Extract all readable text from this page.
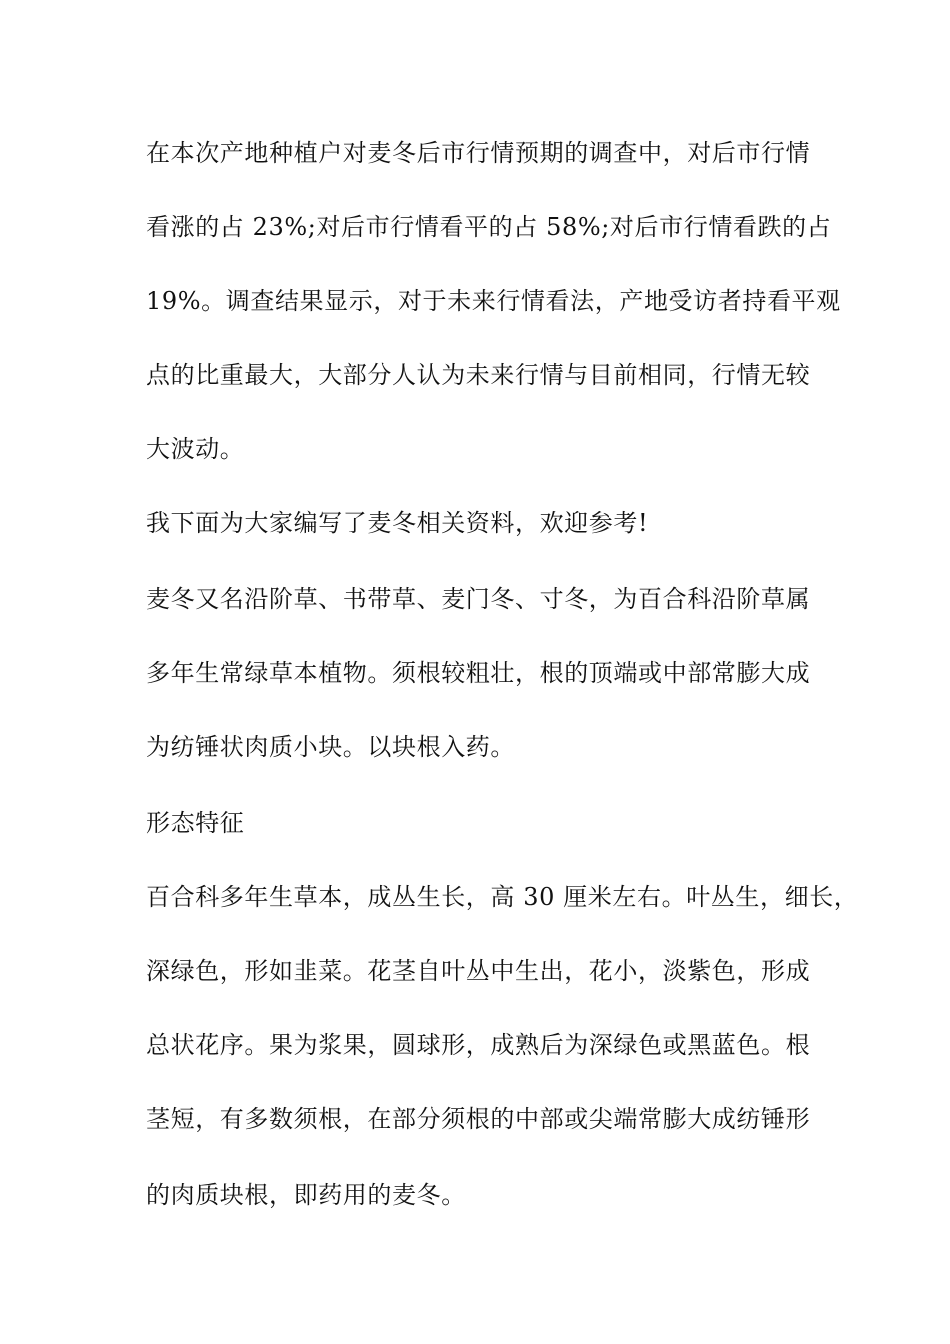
在本次产地种植户对麦冬后市行情预期的调查中，对后市行情
看涨的占 23%;对后市行情看平的占 58%;对后市行情看跌的占
19%。调查结果显示，对于未来行情看法，产地受访者持看平观
点的比重最大，大部分人认为未来行情与目前相同，行情无较
大波动。
我下面为大家编写了麦冬相关资料，欢迎参考!
麦冬又名沿阶草、书带草、麦门冬、寸冬，为百合科沿阶草属
多年生常绿草本植物。须根较粗壮，根的顶端或中部常膨大成
为纺锤状肉质小块。以块根入药。
形态特征
百合科多年生草本，成丛生长，高 30 厘米左右。叶丛生，细长，
深绿色，形如韭菜。花茎自叶丛中生出，花小，淡紫色，形成
总状花序。果为浆果，圆球形，成熟后为深绿色或黑蓝色。根
茎短，有多数须根，在部分须根的中部或尖端常膨大成纺锤形
的肉质块根，即药用的麦冬。
